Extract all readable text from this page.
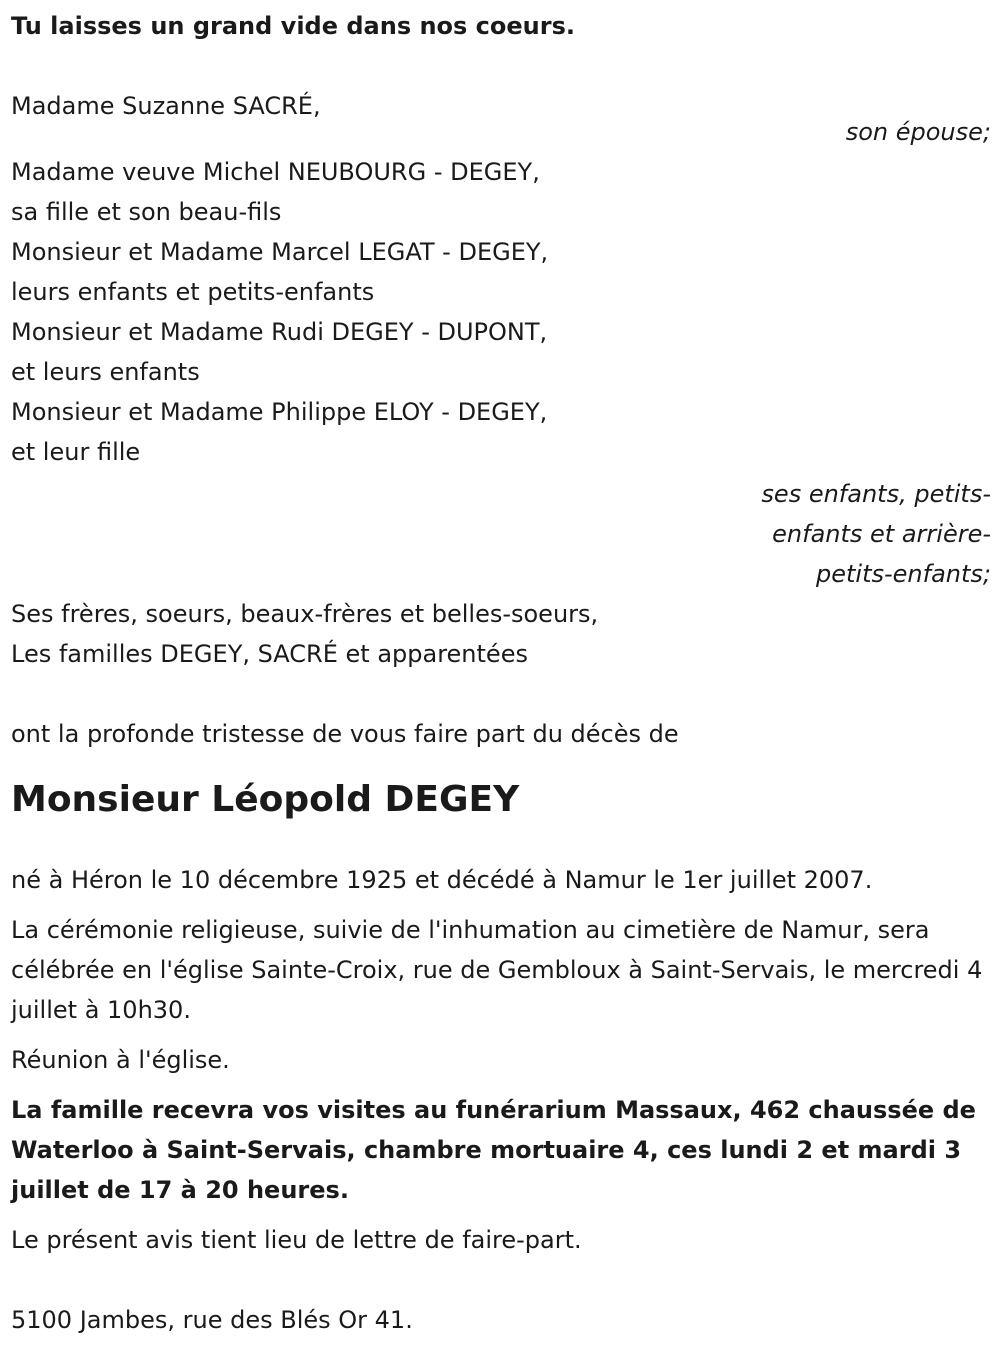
Tu laisses un grand vide dans nos coeurs.

Madame Suzanne SACRÉ,

son épouse;

Madame veuve Michel NEUBOURG - DEGEY,

sa fille et son beau-fils

Monsieur et Madame Marcel LEGAT - DEGEY,

leurs enfants et petits-enfants

Monsieur et Madame Rudi DEGEY - DUPONT,

et leurs enfants

Monsieur et Madame Philippe ELOY - DEGEY,

et leur fille

ses enfants, petits-

enfants et arrière-

petits-enfants;

Ses frères, soeurs, beaux-frères et belles-soeurs,

Les familles DEGEY, SACRÉ et apparentées

ont la profonde tristesse de vous faire part du décès de

Monsieur Léopold DEGEY

né à Héron le 10 décembre 1925 et décédé à Namur le 1er juillet 2007.

La cérémonie religieuse, suivie de l'inhumation au cimetière de Namur, sera célébrée en l'église Sainte-Croix, rue de Gembloux à Saint-Servais, le mercredi 4 juillet à 10h30.

Réunion à l'église.

La famille recevra vos visites au funérarium Massaux, 462 chaussée de Waterloo à Saint-Servais, chambre mortuaire 4, ces lundi 2 et mardi 3 juillet de 17 à 20 heures.

Le présent avis tient lieu de lettre de faire-part.

5100 Jambes, rue des Blés Or 41.
